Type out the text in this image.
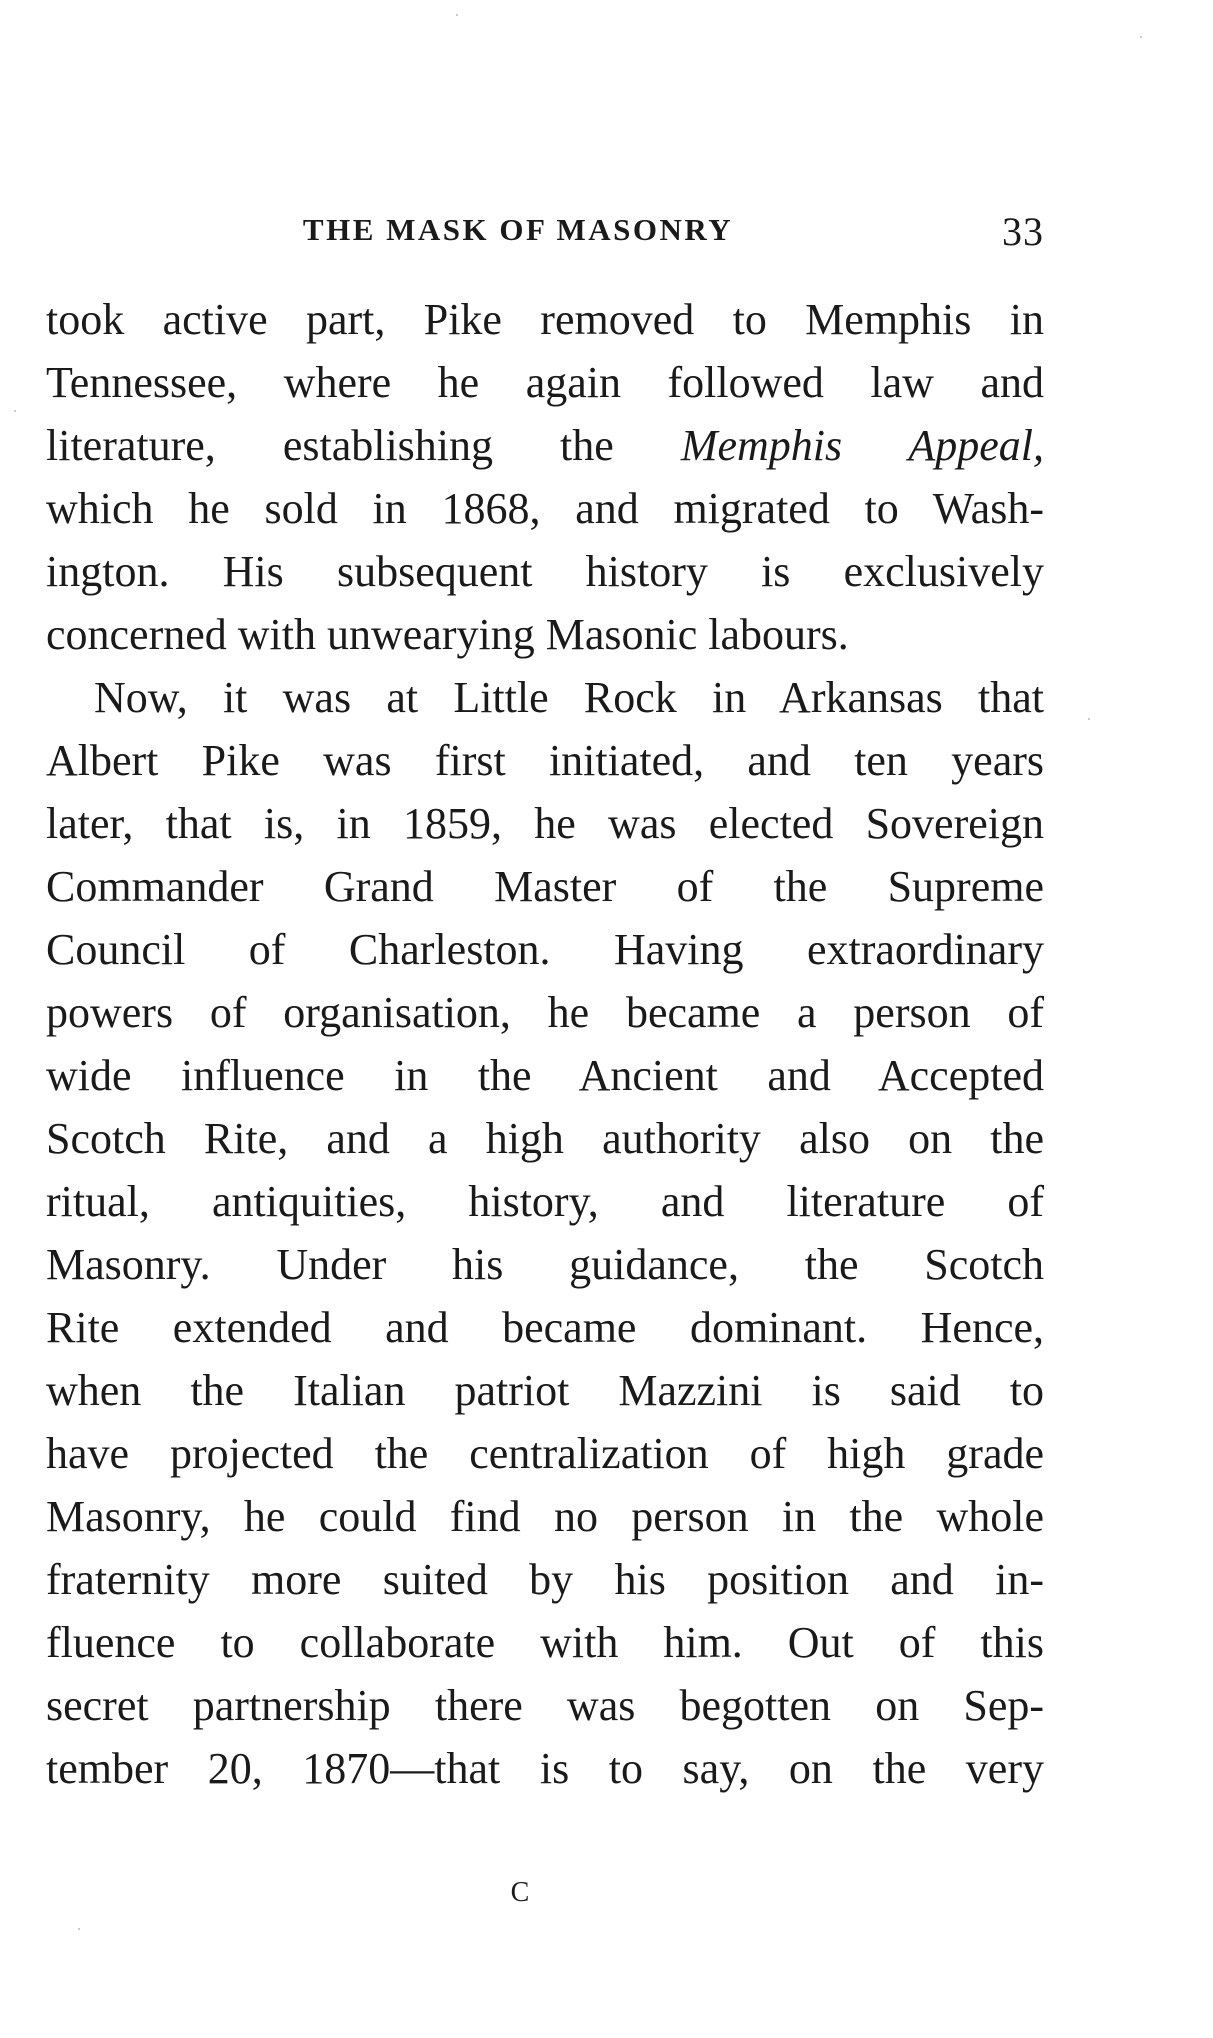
THE MASK OF MASONRY	33
took active part, Pike removed to Memphis in
Tennessee, where he again followed law and
literature, establishing the Memphis Appeal,
which he sold in 1868, and migrated to Wash-
ington. His subsequent history is exclusively
concerned with unwearying Masonic labours.
Now, it was at Little Rock in Arkansas that
Albert Pike was first initiated, and ten years
later, that is, in 1859, he was elected Sovereign
Commander Grand Master of the Supreme
Council of Charleston. Having extraordinary
powers of organisation, he became a person of
wide influence in the Ancient and Accepted
Scotch Rite, and a high authority also on the
ritual, antiquities, history, and literature of
Masonry. Under his guidance, the Scotch
Rite extended and became dominant. Hence,
when the Italian patriot Mazzini is said to
have projected the centralization of high grade
Masonry, he could find no person in the whole
fraternity more suited by his position and in-
fluence to collaborate with him. Out of this
secret partnership there was begotten on Sep-
tember 20, 1870—that is to say, on the very
C
